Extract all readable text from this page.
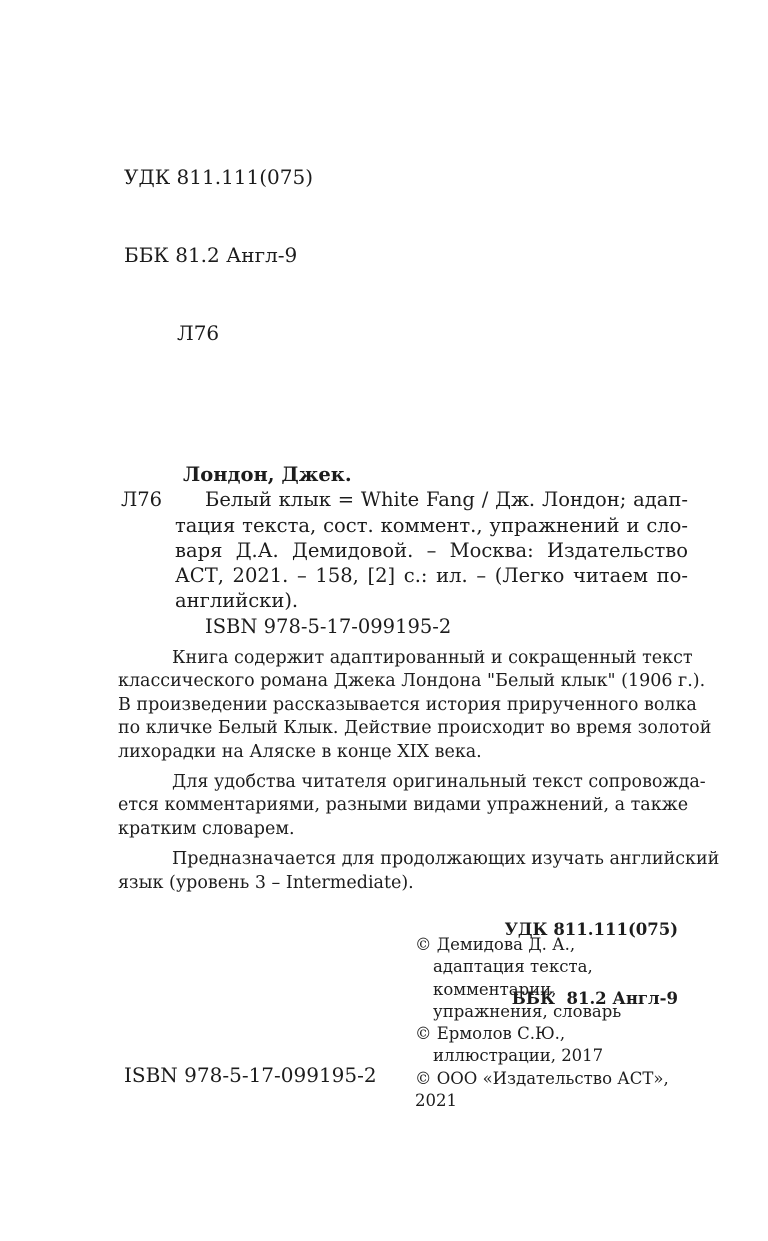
УДК 811.111(075)

ББК 81.2 Англ-9

Л76

Л76
Лондон, Джек.
Белый клык = White Fang / Дж. Лондон; адап-
тация текста, сост. коммент., упражнений и сло-
варя Д.А. Демидовой. – Москва: Издательство
АСТ, 2021. – 158, [2] с.: ил. – (Легко читаем по-
английски).
ISBN 978-5-17-099195-2
Книга содержит адаптированный и сокращенный текст
классического романа Джека Лондона "Белый клык" (1906 г.).
В произведении рассказывается история прирученного волка
по кличке Белый Клык. Действие происходит во время золотой
лихорадки на Аляске в конце XIX века.
Для удобства читателя оригинальный текст сопровожда-
ется комментариями, разными видами упражнений, а также
кратким словарем.
Предназначается для продолжающих изучать английский
язык (уровень 3 – Intermediate).

УДК 811.111(075)

ББК  81.2 Англ-9

© Демидова Д. А.,
адаптация текста,
комментарии,
упражнения, словарь
© Ермолов С.Ю.,
иллюстрации, 2017
© ООО «Издательство АСТ», 2021
ISBN 978-5-17-099195-2
